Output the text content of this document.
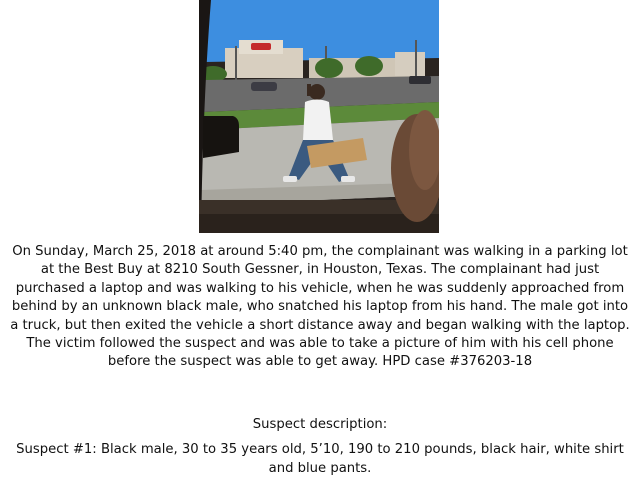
On Sunday, March 25, 2018 at around 5:40 pm, the complainant was walking in a parking lot at the Best Buy at 8210 South Gessner, in Houston, Texas. The complainant had just purchased a laptop and was walking to his vehicle, when he was suddenly approached from behind by an unknown black male, who snatched his laptop from his hand. The male got into a truck, but then exited the vehicle a short distance away and began walking with the laptop. The victim followed the suspect and was able to take a picture of him with his cell phone before the suspect was able to get away. HPD case #376203-18

Suspect description:

Suspect #1: Black male, 30 to 35 years old, 5’10, 190 to 210 pounds, black hair, white shirt and blue pants.
